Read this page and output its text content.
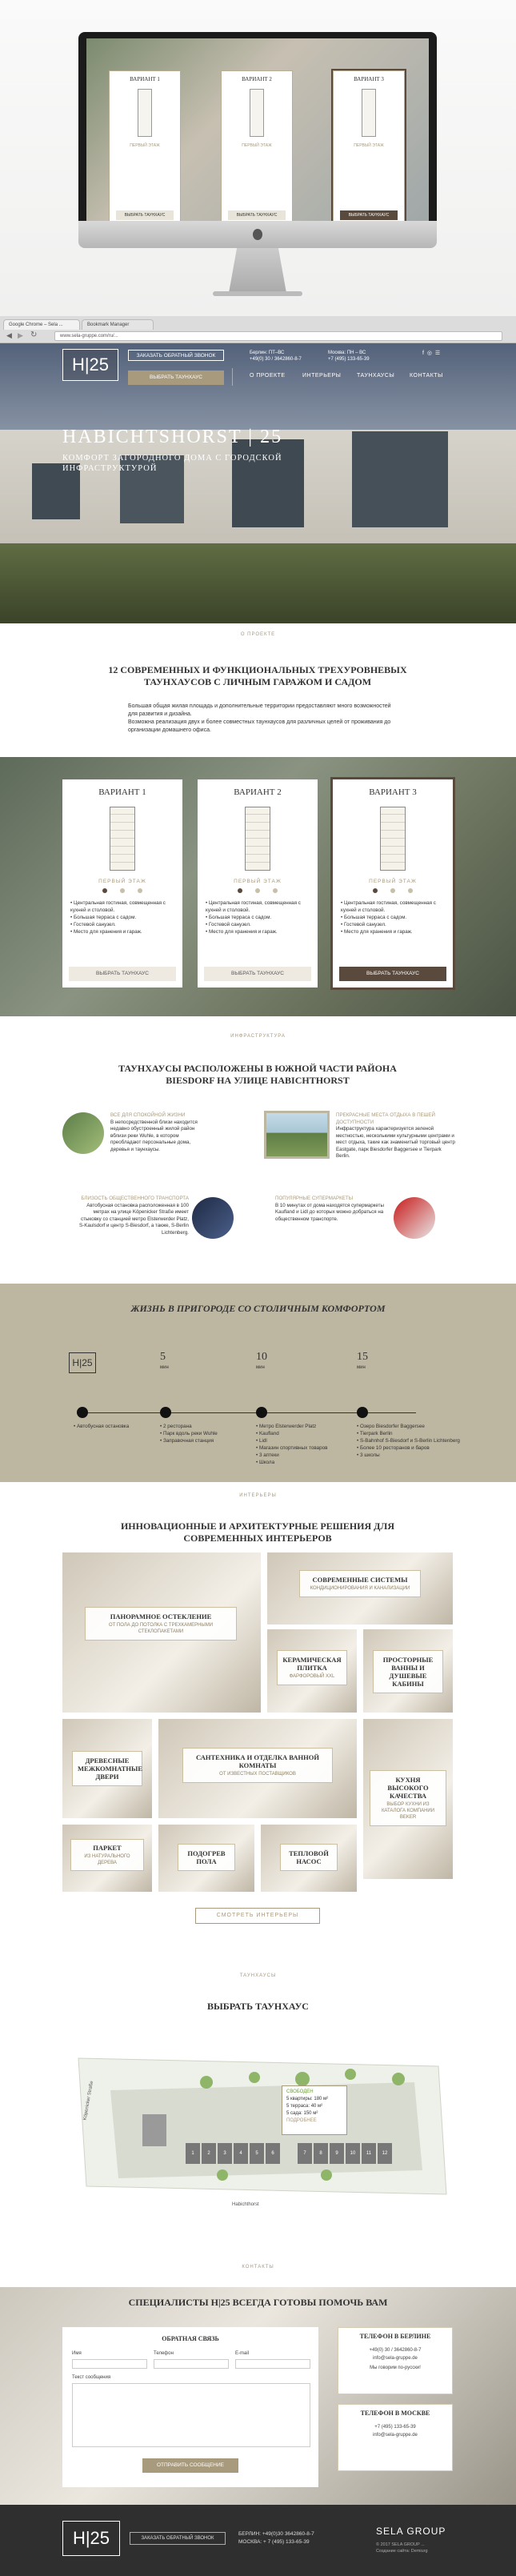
ВАРИАНТ 1
ПЕРВЫЙ ЭТАЖ
ВЫБРАТЬ ТАУНХАУС
ВАРИАНТ 2
ПЕРВЫЙ ЭТАЖ
ВЫБРАТЬ ТАУНХАУС
ВАРИАНТ 3
ПЕРВЫЙ ЭТАЖ
ВЫБРАТЬ ТАУНХАУС
Google Chrome – Sela ...	Bookmark Manager
◀ ▶ ↻	www.sela-gruppe.com/ru/...
H|25	ЗАКАЗАТЬ ОБРАТНЫЙ ЗВОНОК
ВЫБРАТЬ ТАУНХАУС
Берлин: ПТ–ВС
+49(0) 30 / 3642860-8-7
Москва: ПН – ВС
+7 (495) 133-65-39
f ◎ ☰
О ПРОЕКТЕ	ИНТЕРЬЕРЫ	ТАУНХАУСЫ	КОНТАКТЫ
HABICHTSHORST | 25
КОМФОРТ ЗАГОРОДНОГО ДОМА С ГОРОДСКОЙ ИНФРАСТРУКТУРОЙ
О ПРОЕКТЕ
12 СОВРЕМЕННЫХ И ФУНКЦИОНАЛЬНЫХ ТРЕХУРОВНЕВЫХ ТАУНХАУСОВ С ЛИЧНЫМ ГАРАЖОМ И САДОМ
Большая общая жилая площадь и дополнительные территории предоставляют много возможностей для развития и дизайна.
Возможна реализация двух и более совместных таунхаусов для различных целей от проживания до организации домашнего офиса.
ВАРИАНТ 1
ПЕРВЫЙ ЭТАЖ
• Центральная гостиная, совмещенная с кухней и столовой.
• Большая терраса с садом.
• Гостевой санузел.
• Место для хранения и гараж.
ВЫБРАТЬ ТАУНХАУС
ВАРИАНТ 2
ПЕРВЫЙ ЭТАЖ
• Центральная гостиная, совмещенная с кухней и столовой.
• Большая терраса с садом.
• Гостевой санузел.
• Место для хранения и гараж.
ВЫБРАТЬ ТАУНХАУС
ВАРИАНТ 3
ПЕРВЫЙ ЭТАЖ
• Центральная гостиная, совмещенная с кухней и столовой.
• Большая терраса с садом.
• Гостевой санузел.
• Место для хранения и гараж.
ВЫБРАТЬ ТАУНХАУС
ИНФРАСТРУКТУРА
ТАУНХАУСЫ РАСПОЛОЖЕНЫ В ЮЖНОЙ ЧАСТИ РАЙОНА BIESDORF НА УЛИЦЕ HABICHTHORST
ВСЕ ДЛЯ СПОКОЙНОЙ ЖИЗНИ
В непосредственной близи находится недавно обустроенный жилой район вблизи реки Wuhle, в котором преобладают персональные дома, деревья и таунхаусы.
ПРЕКРАСНЫЕ МЕСТА ОТДЫХА В ПЕШЕЙ ДОСТУПНОСТИ
Инфраструктура характеризуется зеленой местностью, несколькими культурными центрами и мест отдыха, такие как знаменитый торговый центр Eastgate, парк Biesdorfer Baggersee и Tierpark Berlin.
БЛИЗОСТЬ ОБЩЕСТВЕННОГО ТРАНСПОРТА
Автобусная остановка расположенная в 100 метрах на улице Köpenicker Straße имеет стыковку со станцией метро Elsterwerder Platz, S-Kaulsdorf и центр S-Biesdorf, а также, S-Berlin Lichtenberg.
ПОПУЛЯРНЫЕ СУПЕРМАРКЕТЫ
В 10 минутах от дома находятся супермаркеты Kaufland и Lidl до которых можно добраться на общественном транспорте.
ЖИЗНЬ В ПРИГОРОДЕ СО СТОЛИЧНЫМ КОМФОРТОМ
H|25	5
мин
10
мин
15
мин
• Автобусная остановка	• 2 ресторана
• Парк вдоль реки Wuhle
• Заправочная станция
• Метро Elsterwerder Platz
• Kaufland
• Lidl
• Магазин спортивных товаров
• 3 аптеки
• Школа
• Озеро Biesdorfer Baggersee
• Tierpark Berlin
• S-Bahnhof S-Biesdorf и S-Berlin Lichtenberg
• Более 10 ресторанов и баров
• 3 школы
ИНТЕРЬЕРЫ
ИННОВАЦИОННЫЕ И АРХИТЕКТУРНЫЕ РЕШЕНИЯ ДЛЯ СОВРЕМЕННЫХ ИНТЕРЬЕРОВ
ПАНОРАМНОЕ ОСТЕКЛЕНИЕ
ОТ ПОЛА ДО ПОТОЛКА С ТРЕХКАМЕРНЫМИ СТЕКЛОПАКЕТАМИ
СОВРЕМЕННЫЕ СИСТЕМЫ
КОНДИЦИОНИРОВАНИЯ И КАНАЛИЗАЦИИ
КЕРАМИЧЕСКАЯ ПЛИТКА
ФАРФОРОВЫЙ XXL
ПРОСТОРНЫЕ ВАННЫ И ДУШЕВЫЕ КАБИНЫ
ДРЕВЕСНЫЕ МЕЖКОМНАТНЫЕ ДВЕРИ
САНТЕХНИКА И ОТДЕЛКА ВАННОЙ КОМНАТЫ
ОТ ИЗВЕСТНЫХ ПОСТАВЩИКОВ
КУХНЯ ВЫСОКОГО КАЧЕСТВА
ВЫБОР КУХНИ ИЗ КАТАЛОГА КОМПАНИИ BEKER
ПАРКЕТ
ИЗ НАТУРАЛЬНОГО ДЕРЕВА
ПОДОГРЕВ ПОЛА
ТЕПЛОВОЙ НАСОС
СМОТРЕТЬ ИНТЕРЬЕРЫ
ТАУНХАУСЫ
ВЫБРАТЬ ТАУНХАУС
Köpenicker Straße
Habichthorst
1	2	3	4	5	6	7	8	9	10	11	12
СВОБОДЕН
5 квартиры: 180 м²
5 терраса: 40 м²
5 сада: 150 м²
ПОДРОБНЕЕ
КОНТАКТЫ
СПЕЦИАЛИСТЫ H|25 ВСЕГДА ГОТОВЫ ПОМОЧЬ ВАМ
ОБРАТНАЯ СВЯЗЬ
Имя	Телефон	E-mail
Текст сообщения
ОТПРАВИТЬ СООБЩЕНИЕ
ТЕЛЕФОН В БЕРЛИНЕ
+49(0) 30 / 3642860-8-7
info@sela-gruppe.de
Мы говорим по-русски!
ТЕЛЕФОН В МОСКВЕ
+7 (495) 133-65-39
info@sela-gruppe.de
H|25	ЗАКАЗАТЬ ОБРАТНЫЙ ЗВОНОК
БЕРЛИН: +49(0)30 3642860-8-7
МОСКВА: + 7 (495) 133-65-39
SELA GROUP
© 2017 SELA GROUP ...
Создание сайта: Demiurg
